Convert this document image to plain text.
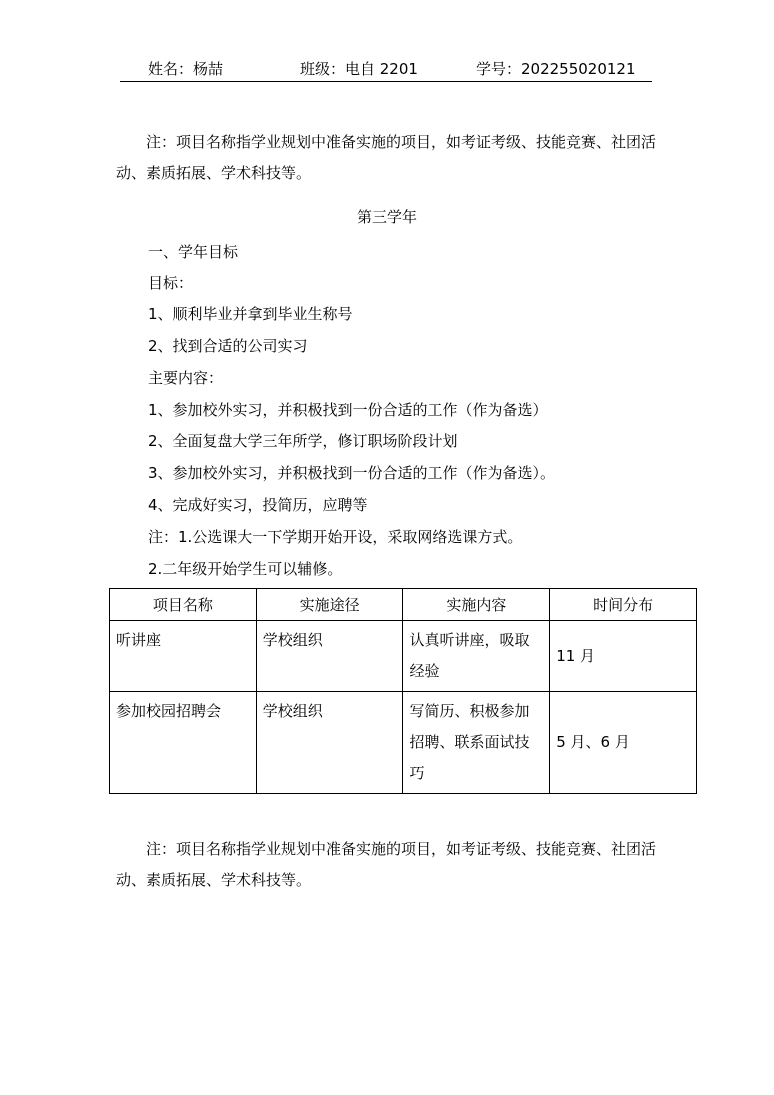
姓名：杨喆	班级：电自 2201	学号：202255020121
注：项目名称指学业规划中准备实施的项目，如考证考级、技能竞赛、社团活动、素质拓展、学术科技等。
第三学年
一、学年目标
目标：
1、顺利毕业并拿到毕业生称号
2、找到合适的公司实习
主要内容：
1、参加校外实习，并积极找到一份合适的工作（作为备选）
2、全面复盘大学三年所学，修订职场阶段计划
3、参加校外实习，并积极找到一份合适的工作（作为备选）。
4、完成好实习，投简历，应聘等
注：1.公选课大一下学期开始开设，采取网络选课方式。
2.二年级开始学生可以辅修。
项目名称	实施途径	实施内容	时间分布
听讲座	学校组织	认真听讲座，吸取经验	11 月
参加校园招聘会	学校组织	写简历、积极参加招聘、联系面试技巧	5 月、6 月
注：项目名称指学业规划中准备实施的项目，如考证考级、技能竞赛、社团活动、素质拓展、学术科技等。
